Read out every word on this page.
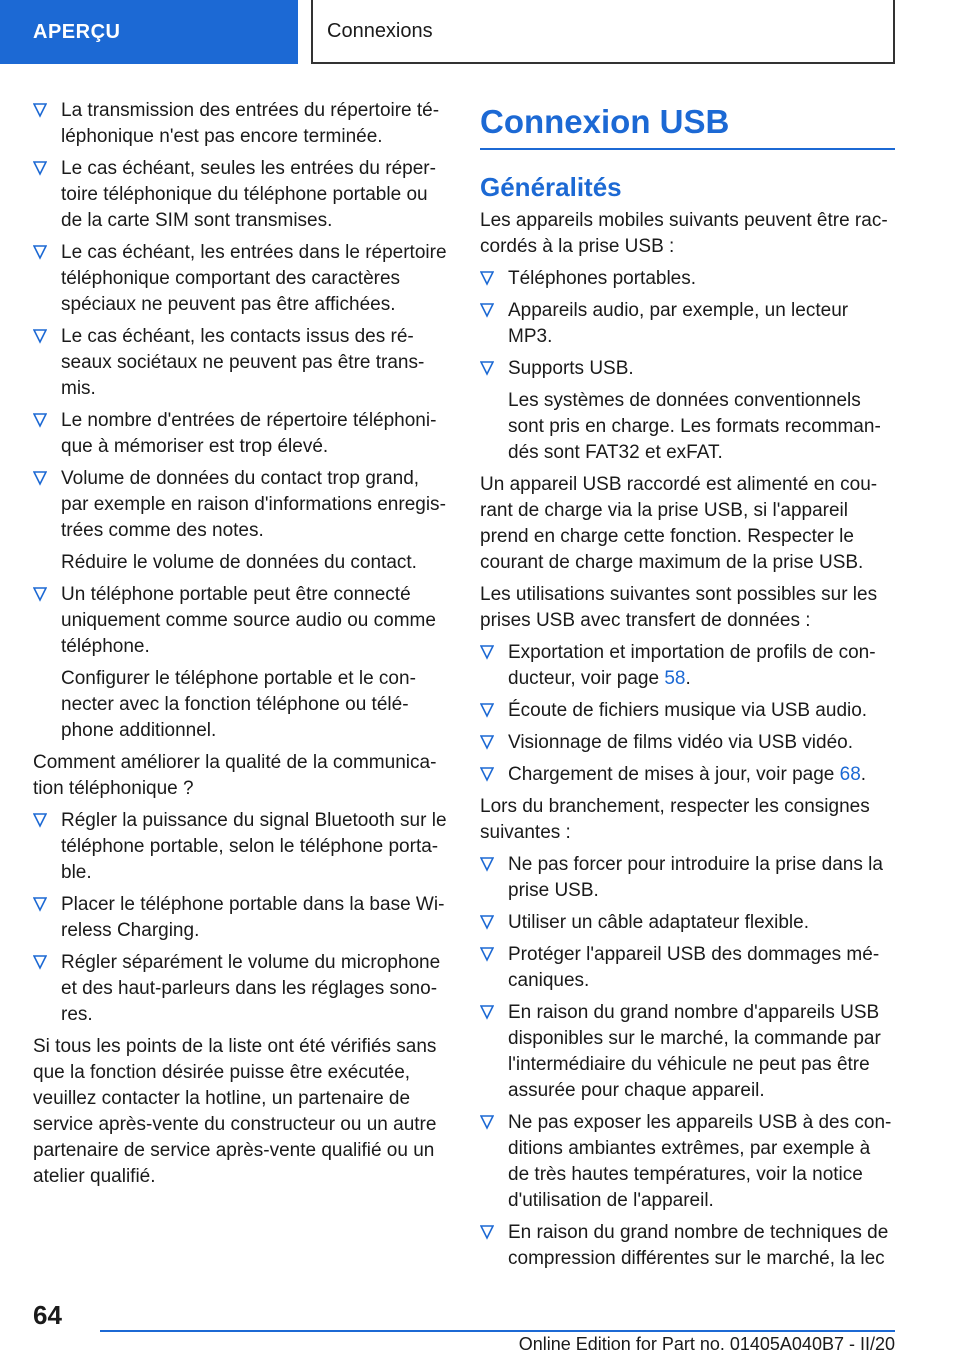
APERÇU	Connexions
La transmission des entrées du répertoire téléphonique n'est pas encore terminée.
Le cas échéant, seules les entrées du répertoire téléphonique du téléphone portable ou de la carte SIM sont transmises.
Le cas échéant, les entrées dans le répertoire téléphonique comportant des caractères spéciaux ne peuvent pas être affichées.
Le cas échéant, les contacts issus des réseaux sociétaux ne peuvent pas être transmis.
Le nombre d'entrées de répertoire téléphonique à mémoriser est trop élevé.
Volume de données du contact trop grand, par exemple en raison d'informations enregistrées comme des notes.
Réduire le volume de données du contact.
Un téléphone portable peut être connecté uniquement comme source audio ou comme téléphone.
Configurer le téléphone portable et le connecter avec la fonction téléphone ou téléphone additionnel.
Comment améliorer la qualité de la communication téléphonique ?
Régler la puissance du signal Bluetooth sur le téléphone portable, selon le téléphone portable.
Placer le téléphone portable dans la base Wireless Charging.
Régler séparément le volume du microphone et des haut-parleurs dans les réglages sonores.
Si tous les points de la liste ont été vérifiés sans que la fonction désirée puisse être exécutée, veuillez contacter la hotline, un partenaire de service après-vente du constructeur ou un autre partenaire de service après-vente qualifié ou un atelier qualifié.
Connexion USB
Généralités
Les appareils mobiles suivants peuvent être raccordés à la prise USB :
Téléphones portables.
Appareils audio, par exemple, un lecteur MP3.
Supports USB.
Les systèmes de données conventionnels sont pris en charge. Les formats recommandés sont FAT32 et exFAT.
Un appareil USB raccordé est alimenté en courant de charge via la prise USB, si l'appareil prend en charge cette fonction. Respecter le courant de charge maximum de la prise USB.
Les utilisations suivantes sont possibles sur les prises USB avec transfert de données :
Exportation et importation de profils de conducteur, voir page 58.
Écoute de fichiers musique via USB audio.
Visionnage de films vidéo via USB vidéo.
Chargement de mises à jour, voir page 68.
Lors du branchement, respecter les consignes suivantes :
Ne pas forcer pour introduire la prise dans la prise USB.
Utiliser un câble adaptateur flexible.
Protéger l'appareil USB des dommages mécaniques.
En raison du grand nombre d'appareils USB disponibles sur le marché, la commande par l'intermédiaire du véhicule ne peut pas être assurée pour chaque appareil.
Ne pas exposer les appareils USB à des conditions ambiantes extrêmes, par exemple à de très hautes températures, voir la notice d'utilisation de l'appareil.
En raison du grand nombre de techniques de compression différentes sur le marché, la lec
64
Online Edition for Part no. 01405A040B7 - II/20
